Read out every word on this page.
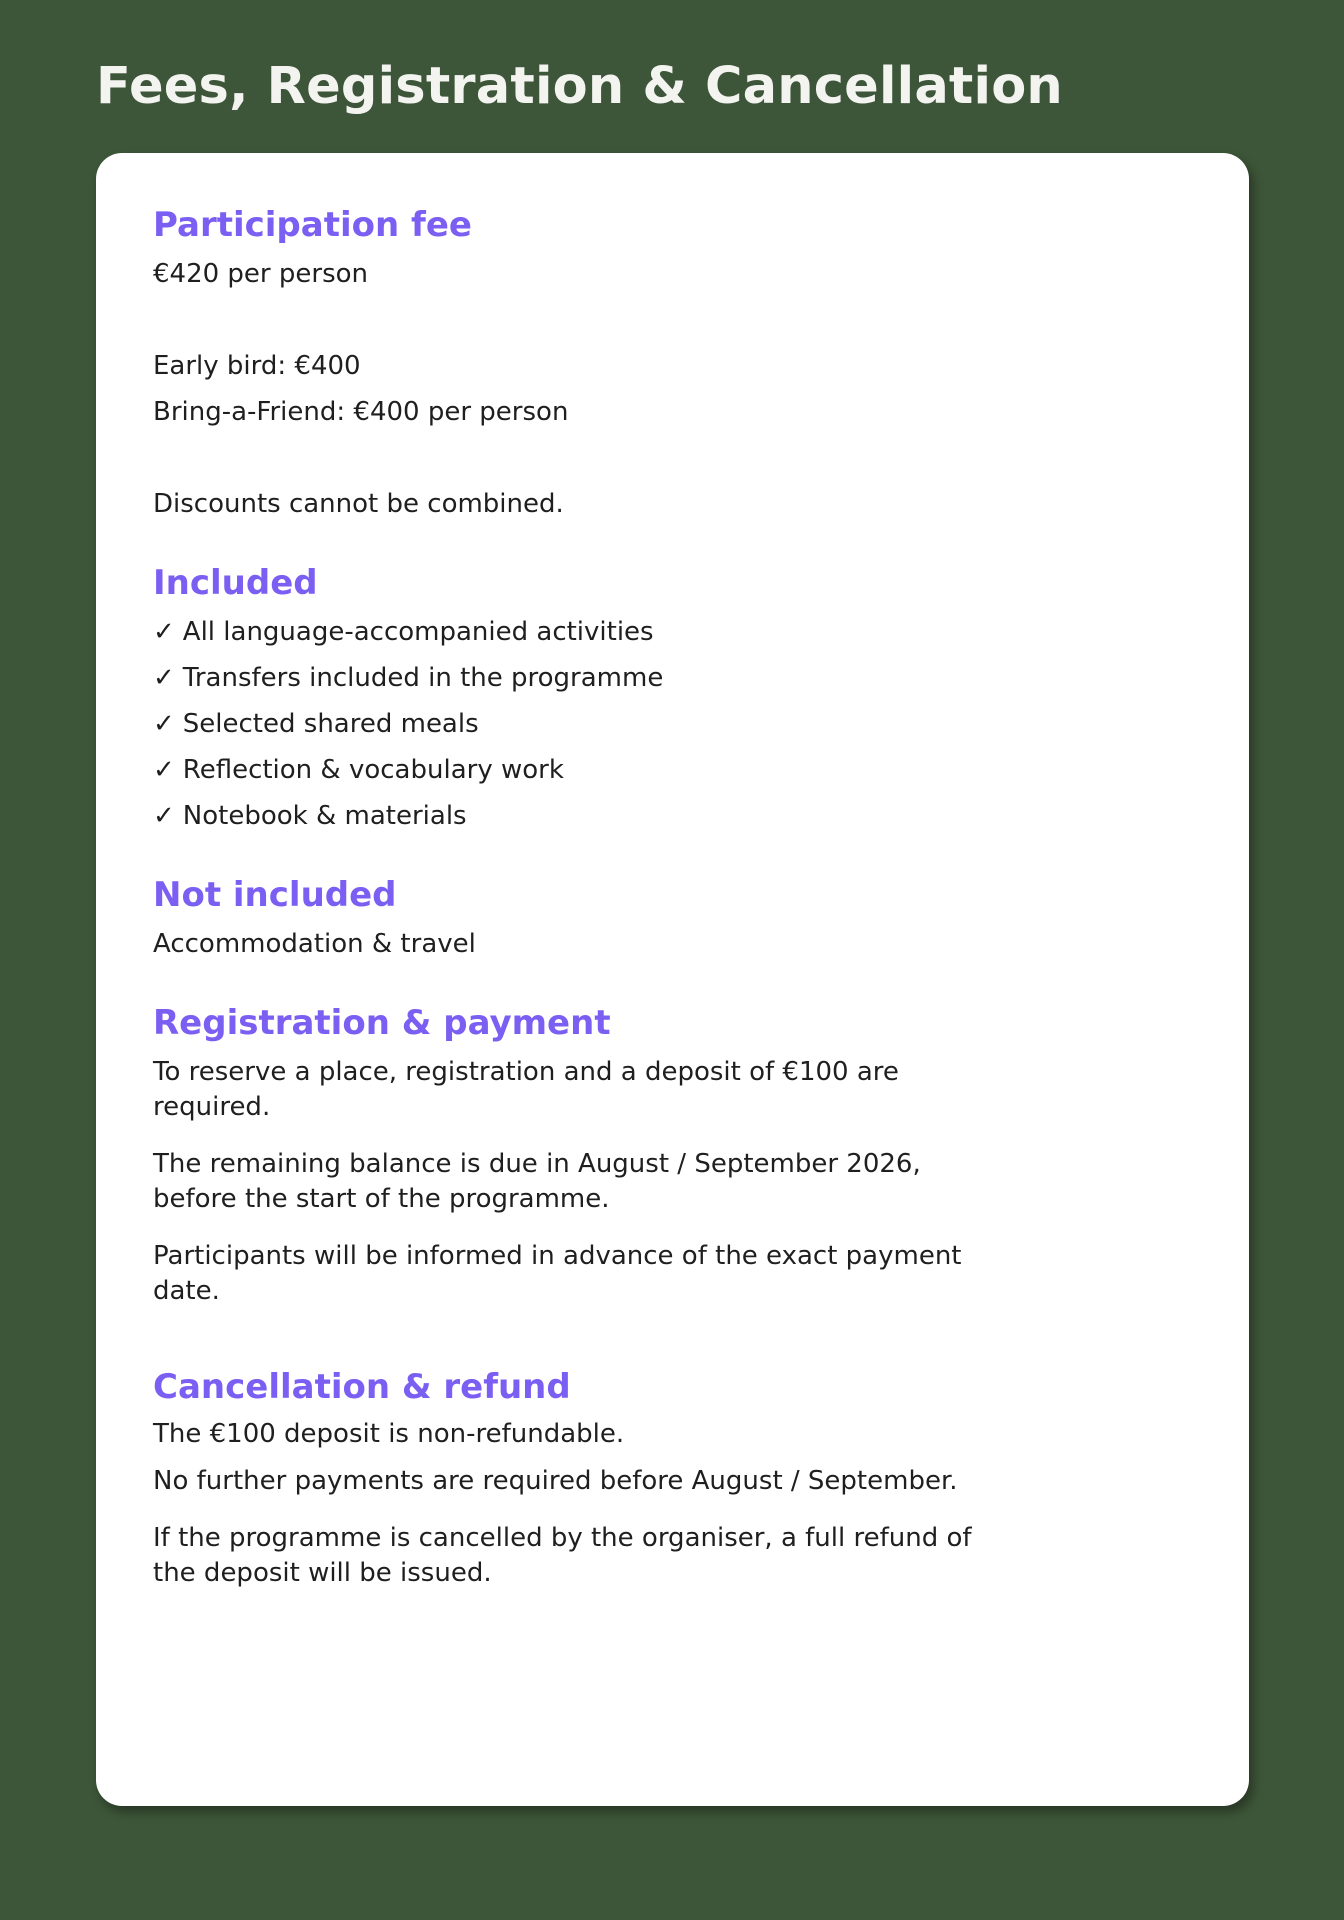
Fees, Registration & Cancellation
Participation fee

€420 per person

Early bird: €400

Bring-a-Friend: €400 per person

Discounts cannot be combined.

Included
✓ All language-accompanied activities
✓ Transfers included in the programme
✓ Selected shared meals
✓ Reflection & vocabulary work
✓ Notebook & materials
Not included

Accommodation & travel

Registration & payment

To reserve a place, registration and a deposit of €100 are required.

The remaining balance is due in August / September 2026, before the start of the programme.

Participants will be informed in advance of the exact payment date.

Cancellation & refund

The €100 deposit is non-refundable.

No further payments are required before August / September.

If the programme is cancelled by the organiser, a full refund of the deposit will be issued.
